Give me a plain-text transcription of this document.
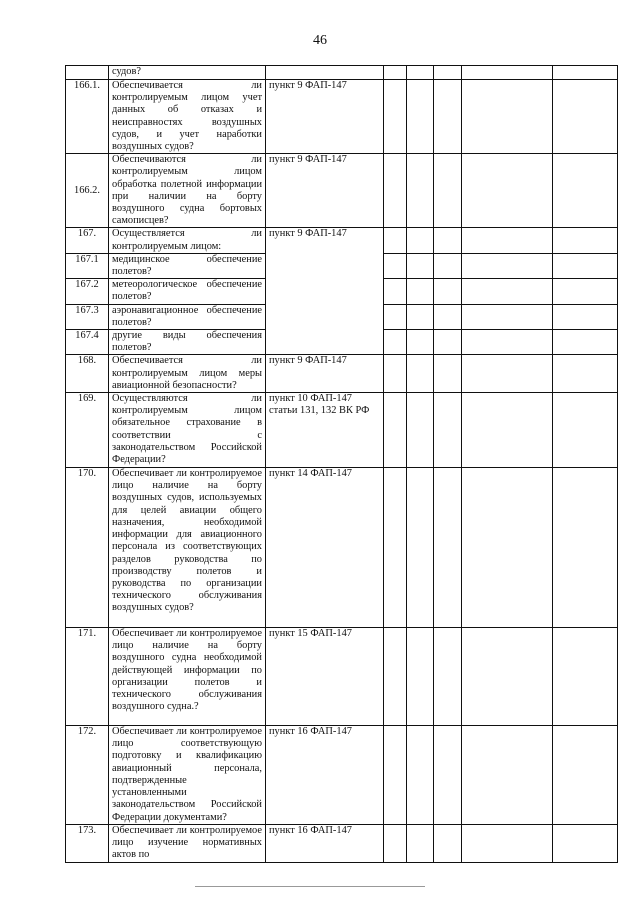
46
	судов?						
166.1.	Обеспечивается ли контролируемым лицом учет данных об отказах и неисправностях воздушных судов, и учет наработки воздушных судов?	пункт 9 ФАП-147					
166.2.	Обеспечиваются ли контролируемым лицом обработка полетной информации при наличии на борту воздушного судна бортовых самописцев?	пункт 9 ФАП-147					
167.	Осуществляется ли контролируемым лицом:	пункт 9 ФАП-147					
167.1	медицинское обеспечение полетов?						
167.2	метеорологическое обеспечение полетов?						
167.3	аэронавигационное обеспечение полетов?						
167.4	другие виды обеспечения полетов?						
168.	Обеспечивается ли контролируемым лицом меры авиационной безопасности?	пункт 9 ФАП-147					
169.	Осуществляются ли контролируемым лицом обязательное страхование в соответствии с законодательством Российской Федерации?	пункт 10 ФАП-147 статьи 131, 132 ВК РФ					
170.	Обеспечивает ли контролируемое лицо наличие на борту воздушных судов, используемых для целей авиации общего назначения, необходимой информации для авиационного персонала из соответствующих разделов руководства по производству полетов и руководства по организации технического обслуживания воздушных судов?	пункт 14 ФАП-147					
171.	Обеспечивает ли контролируемое лицо наличие на борту воздушного судна необходимой действующей информации по организации полетов и технического обслуживания воздушного судна.?	пункт 15 ФАП-147					
172.	Обеспечивает ли контролируемое лицо соответствующую подготовку и квалификацию авиационный персонала, подтвержденные установленными законодательством Российской Федерации документами?	пункт 16 ФАП-147					
173.	Обеспечивает ли контролируемое лицо изучение нормативных актов по	пункт 16 ФАП-147					
